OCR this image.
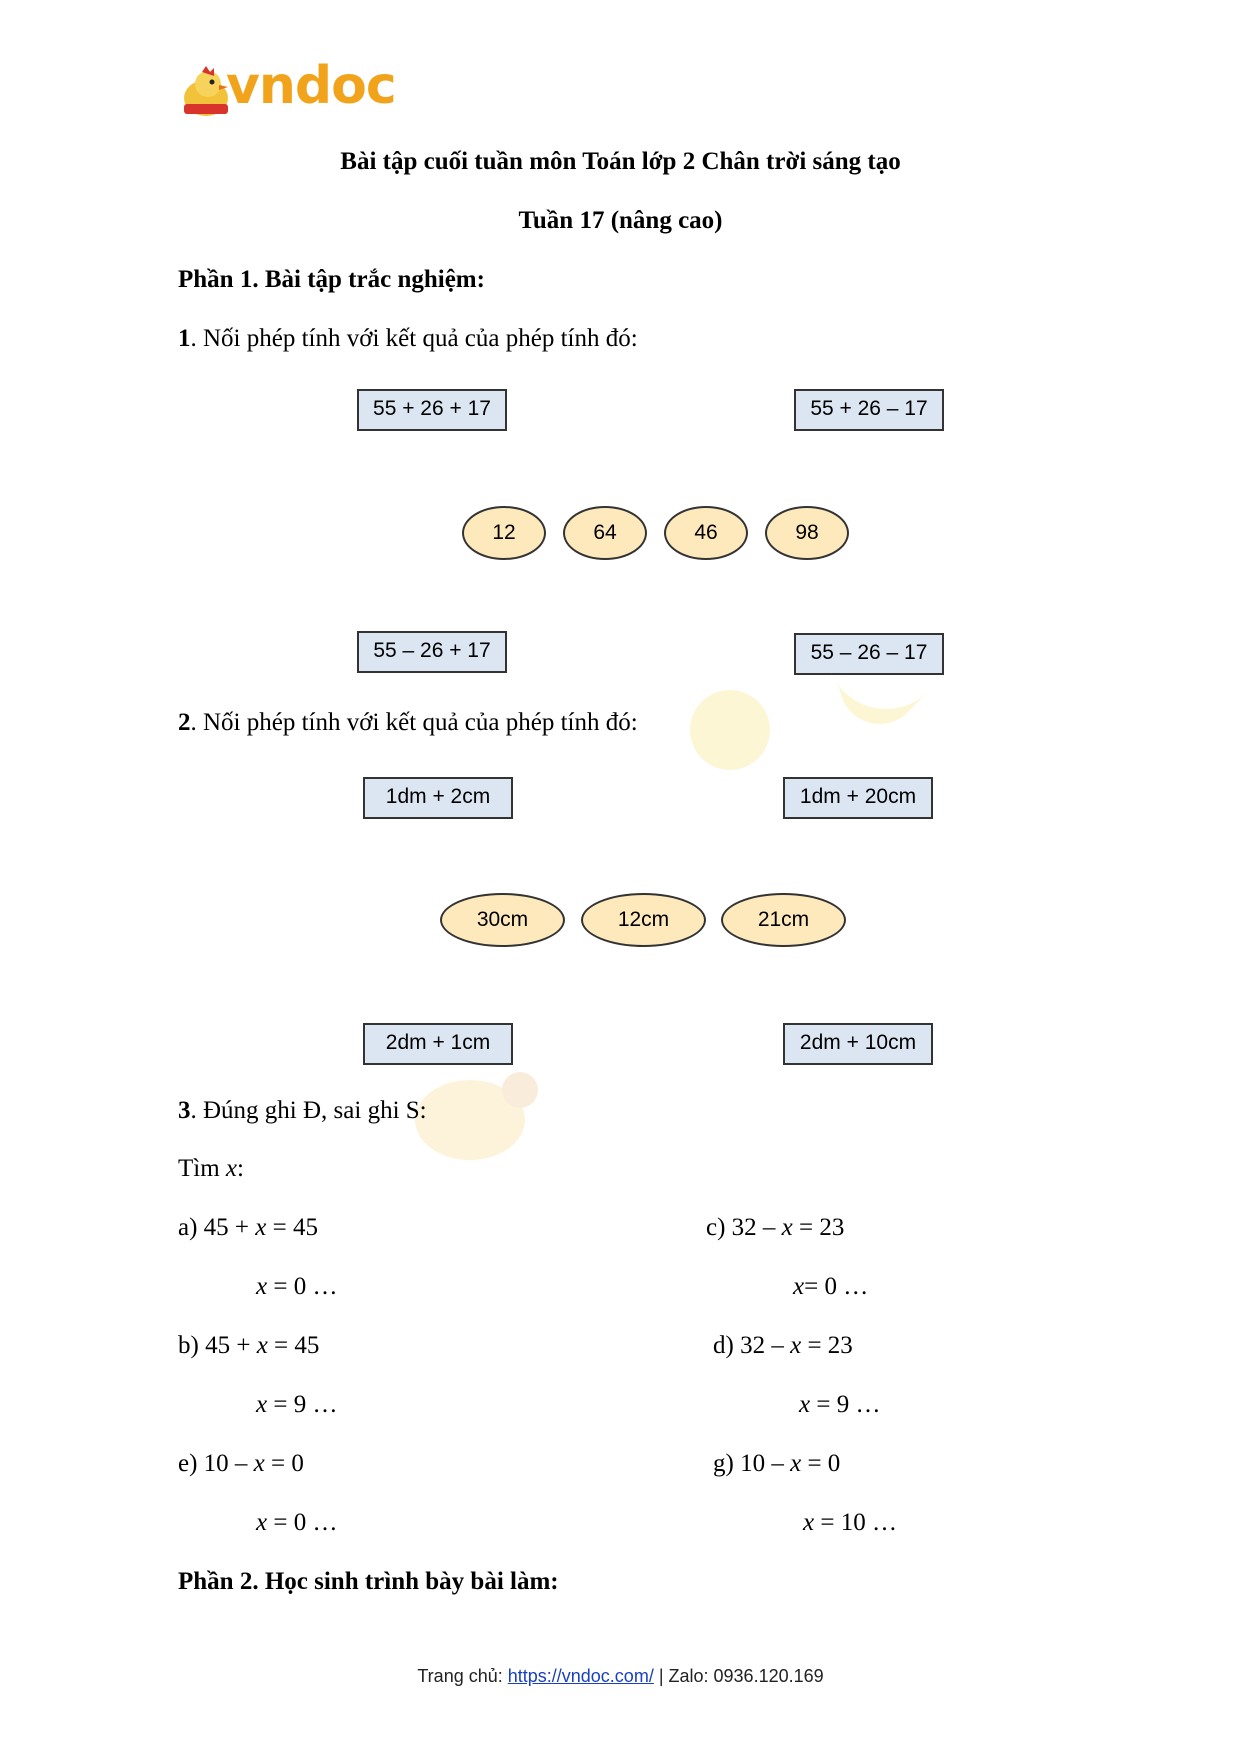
vndoc
Bài tập cuối tuần môn Toán lớp 2 Chân trời sáng tạo
Tuần 17 (nâng cao)
Phần 1. Bài tập trắc nghiệm:
1. Nối phép tính với kết quả của phép tính đó:
55 + 26 + 17	55 + 26 – 17
12	64	46	98
55 – 26 + 17	55 – 26 – 17
2. Nối phép tính với kết quả của phép tính đó:
1dm + 2cm	1dm + 20cm
30cm	12cm	21cm
2dm + 1cm	2dm + 10cm
3. Đúng ghi Đ, sai ghi S:
Tìm x:
a) 45 + x = 45
x = 0 …
b) 45 + x = 45
x = 9 …
e) 10 – x = 0
x = 0 …
c) 32 – x = 23
x= 0 …
d) 32 – x = 23
x = 9 …
g) 10 – x = 0
x = 10 …
Phần 2. Học sinh trình bày bài làm:
Trang chủ: https://vndoc.com/ | Zalo: 0936.120.169
